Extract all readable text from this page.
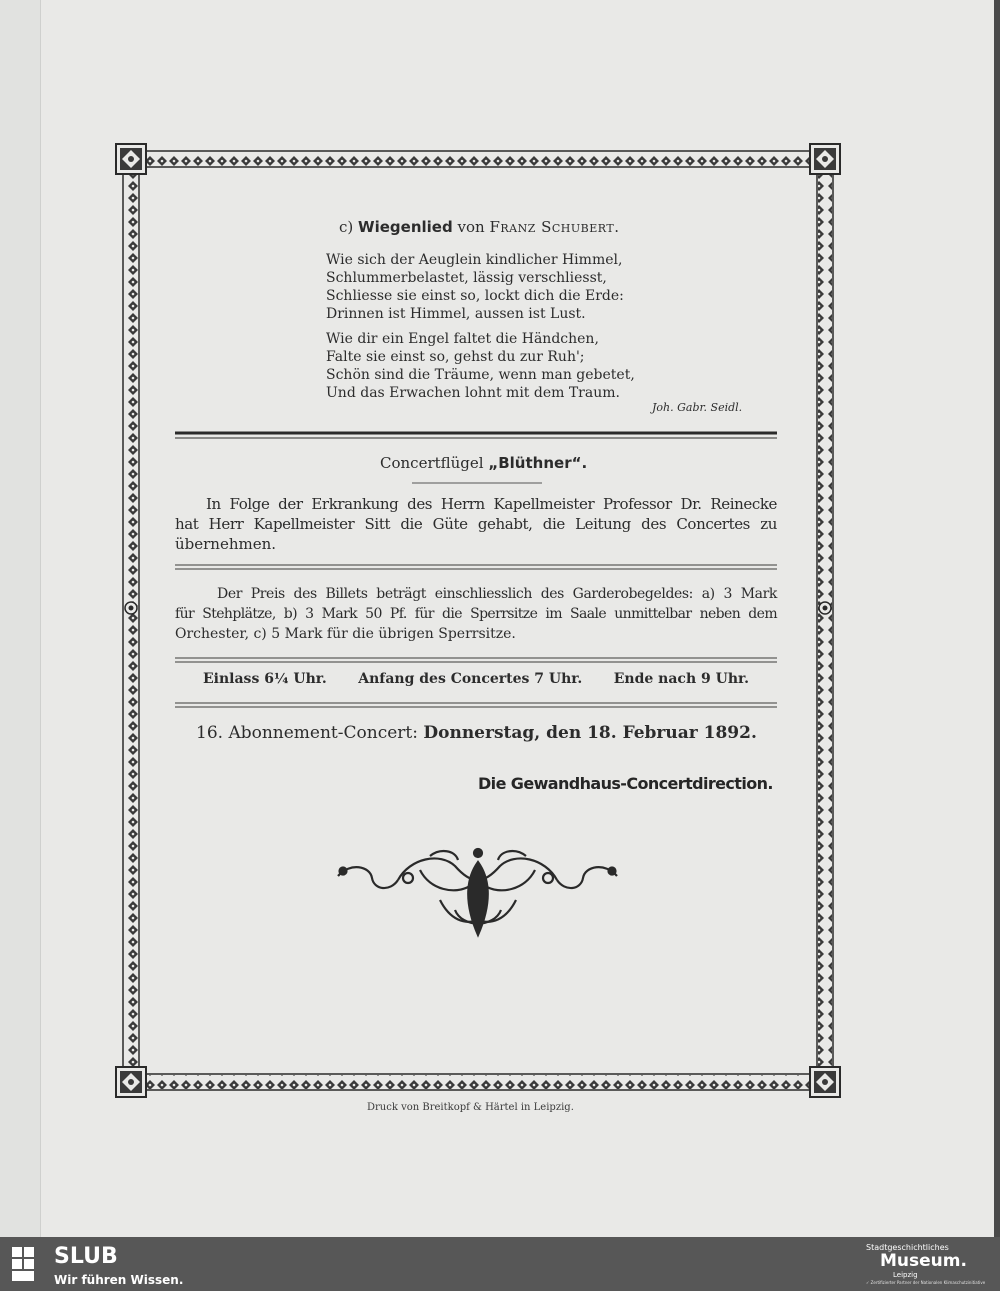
c) Wiegenlied von Franz Schubert.
Wie sich der Aeuglein kindlicher Himmel,
Schlummerbelastet, lässig verschliesst,
Schliesse sie einst so, lockt dich die Erde:
Drinnen ist Himmel, aussen ist Lust.
Wie dir ein Engel faltet die Händchen,
Falte sie einst so, gehst du zur Ruh';
Schön sind die Träume, wenn man gebetet,
Und das Erwachen lohnt mit dem Traum.
Joh. Gabr. Seidl.
Concertflügel „Blüthner“.
In Folge der Erkrankung des Herrn Kapellmeister Professor Dr. Reinecke
hat Herr Kapellmeister Sitt die Güte gehabt, die Leitung des Concertes zu
übernehmen.
Der Preis des Billets beträgt einschliesslich des Garderobegeldes: a) 3 Mark
für Stehplätze, b) 3 Mark 50 Pf. für die Sperrsitze im Saale unmittelbar neben dem
Orchester, c) 5 Mark für die übrigen Sperrsitze.
Einlass 6¼ Uhr. Anfang des Concertes 7 Uhr. Ende nach 9 Uhr.
16. Abonnement-Concert: Donnerstag, den 18. Februar 1892.
Die Gewandhaus-Concertdirection.
Druck von Breitkopf & Härtel in Leipzig.
SLUB
Wir führen Wissen.
Stadtgeschichtliches
Museum.
Leipzig
✓ Zertifizierter Partner der Nationalen Klimaschutzinitiative
